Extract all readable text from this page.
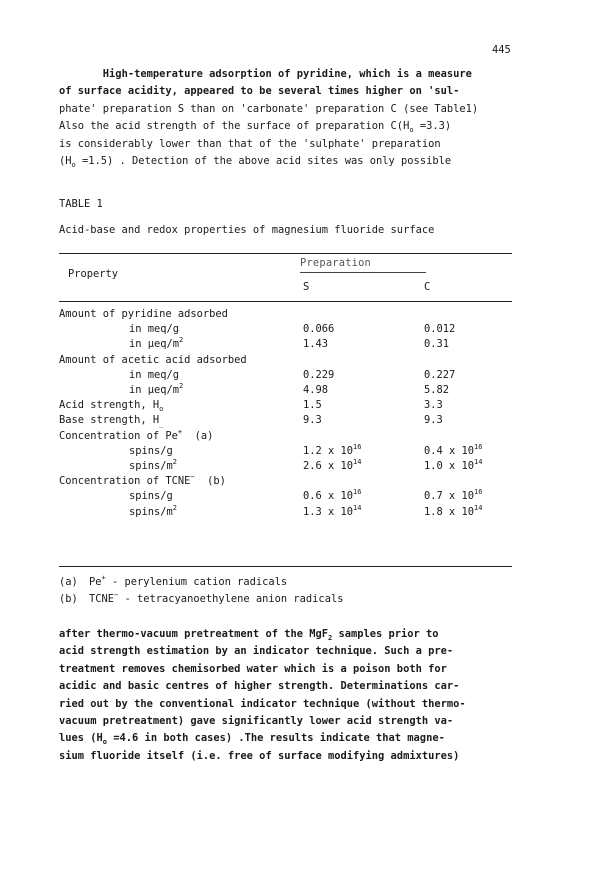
445
High-temperature adsorption of pyridine, which is a measure
of surface acidity, appeared to be several times higher on 'sul-
phate' preparation S than on 'carbonate' preparation C (see Table1)
Also the acid strength of the surface of preparation $C(H_o =3.3)$
is considerably lower than that of the 'sulphate' preparation
$(H_o =1.5)$ . Detection of the above acid sites was only possible
TABLE 1
Acid-base and redox properties of magnesium fluoride surface
Property
Preparation
S	C
Amount of pyridine adsorbed
in meq/g	0.066	0.012
in μeq/$m^2$	1.43	0.31
Amount of acetic acid adsorbed
in meq/g	0.229	0.227
in μeq/$m^2$	4.98	5.82
Acid strength, $H_o$	1.5	3.3
Base strength, $H_{\_}$	9.3	9.3
Concentration of Pe+  (a)
spins/g	1.2 x $10^{16}$	0.4 x $10^{16}$
spins/$m^2$	2.6 x $10^{14}$	1.0 x $10^{14}$
Concentration of TCNE−  (b)
spins/g	0.6 x $10^{16}$	0.7 x $10^{16}$
spins/$m^2$	1.3 x $10^{14}$	1.8 x $10^{14}$
(a) Pe+ - perylenium cation radicals
(b) TCNE− - tetracyanoethylene anion radicals
after thermo-vacuum pretreatment of the MgF$_2$ samples prior to
acid strength estimation by an indicator technique. Such a pre-
treatment removes chemisorbed water which is a poison both for
acidic and basic centres of higher strength. Determinations car-
ried out by the conventional indicator technique (without thermo-
vacuum pretreatment) gave significantly lower acid strength va-
lues ($H_o =4.6$ in both cases) .The results indicate that magne-
sium fluoride itself (i.e. free of surface modifying admixtures)
